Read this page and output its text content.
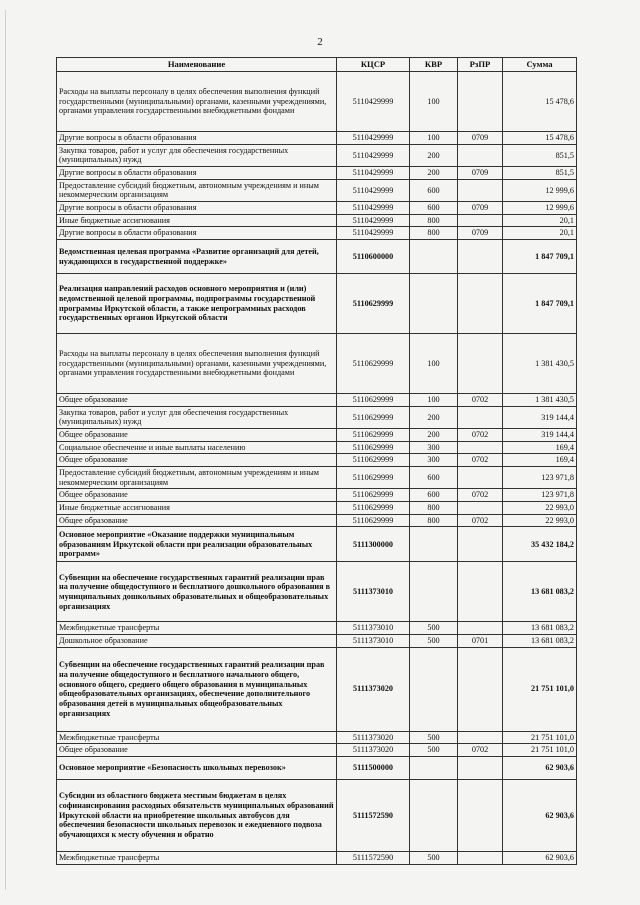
2
Наименование	КЦСР	КВР	РзПР	Сумма
Расходы на выплаты персоналу в целях обеспечения выполнения функций государственными (муниципальными) органами, казенными учреждениями, органами управления государственными внебюджетными фондами	5110429999	100		15 478,6
Другие вопросы в области образования	5110429999	100	0709	15 478,6
Закупка товаров, работ и услуг для обеспечения государственных (муниципальных) нужд	5110429999	200		851,5
Другие вопросы в области образования	5110429999	200	0709	851,5
Предоставление субсидий бюджетным, автономным учреждениям и иным некоммерческим организациям	5110429999	600		12 999,6
Другие вопросы в области образования	5110429999	600	0709	12 999,6
Иные бюджетные ассигнования	5110429999	800		20,1
Другие вопросы в области образования	5110429999	800	0709	20,1
Ведомственная целевая программа «Развитие организаций для детей, нуждающихся в государственной поддержке»	5110600000			1 847 709,1
Реализация направлений расходов основного мероприятия и (или) ведомственной целевой программы, подпрограммы государственной программы Иркутской области, а также непрограммных расходов государственных органов Иркутской области	5110629999			1 847 709,1
Расходы на выплаты персоналу в целях обеспечения выполнения функций государственными (муниципальными) органами, казенными учреждениями, органами управления государственными внебюджетными фондами	5110629999	100		1 381 430,5
Общее образование	5110629999	100	0702	1 381 430,5
Закупка товаров, работ и услуг для обеспечения государственных (муниципальных) нужд	5110629999	200		319 144,4
Общее образование	5110629999	200	0702	319 144,4
Социальное обеспечение и иные выплаты населению	5110629999	300		169,4
Общее образование	5110629999	300	0702	169,4
Предоставление субсидий бюджетным, автономным учреждениям и иным некоммерческим организациям	5110629999	600		123 971,8
Общее образование	5110629999	600	0702	123 971,8
Иные бюджетные ассигнования	5110629999	800		22 993,0
Общее образование	5110629999	800	0702	22 993,0
Основное мероприятие «Оказание поддержки муниципальным образованиям Иркутской области при реализации образовательных программ»	5111300000			35 432 184,2
Субвенции на обеспечение государственных гарантий реализации прав на получение общедоступного и бесплатного дошкольного образования в муниципальных дошкольных образовательных и общеобразовательных организациях	5111373010			13 681 083,2
Межбюджетные трансферты	5111373010	500		13 681 083,2
Дошкольное образование	5111373010	500	0701	13 681 083,2
Субвенции на обеспечение государственных гарантий реализации прав на получение общедоступного и бесплатного начального общего, основного общего, среднего общего образования в муниципальных общеобразовательных организациях, обеспечение дополнительного образования детей в муниципальных общеобразовательных организациях	5111373020			21 751 101,0
Межбюджетные трансферты	5111373020	500		21 751 101,0
Общее образование	5111373020	500	0702	21 751 101,0
Основное мероприятие «Безопасность школьных перевозок»	5111500000			62 903,6
Субсидии из областного бюджета местным бюджетам в целях софинансирования расходных обязательств муниципальных образований Иркутской области на приобретение школьных автобусов для обеспечения безопасности школьных перевозок и ежедневного подвоза обучающихся к месту обучения и обратно	5111572590			62 903,6
Межбюджетные трансферты	5111572590	500		62 903,6
